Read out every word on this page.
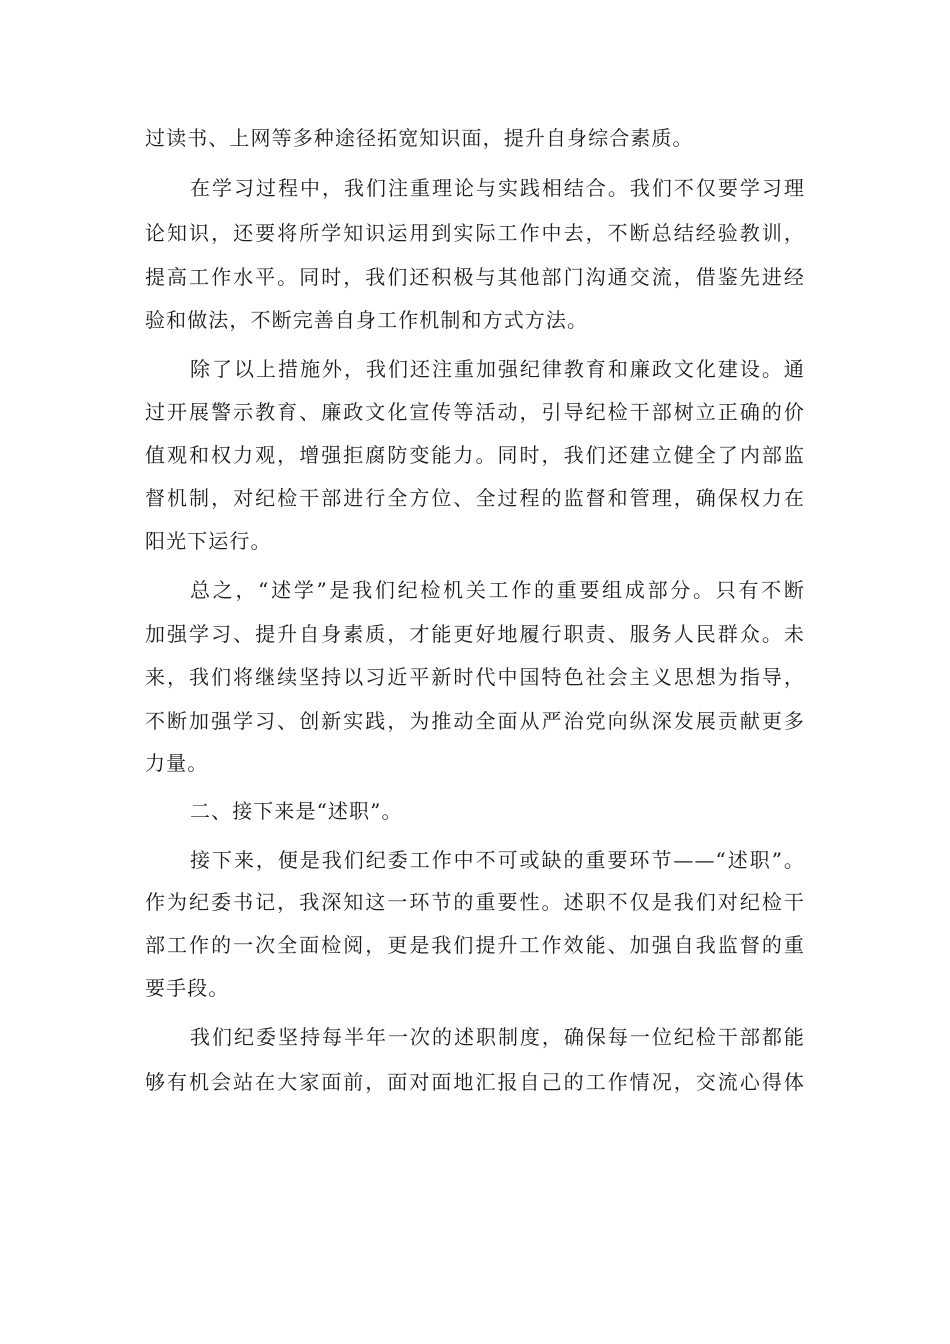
过读书、上网等多种途径拓宽知识面，提升自身综合素质。
在学习过程中，我们注重理论与实践相结合。我们不仅要学习理
论知识，还要将所学知识运用到实际工作中去，不断总结经验教训，
提高工作水平。同时，我们还积极与其他部门沟通交流，借鉴先进经
验和做法，不断完善自身工作机制和方式方法。
除了以上措施外，我们还注重加强纪律教育和廉政文化建设。通
过开展警示教育、廉政文化宣传等活动，引导纪检干部树立正确的价
值观和权力观，增强拒腐防变能力。同时，我们还建立健全了内部监
督机制，对纪检干部进行全方位、全过程的监督和管理，确保权力在
阳光下运行。
总之，“述学”是我们纪检机关工作的重要组成部分。只有不断
加强学习、提升自身素质，才能更好地履行职责、服务人民群众。未
来，我们将继续坚持以习近平新时代中国特色社会主义思想为指导，
不断加强学习、创新实践，为推动全面从严治党向纵深发展贡献更多
力量。
二、接下来是“述职”。
接下来，便是我们纪委工作中不可或缺的重要环节——“述职”。
作为纪委书记，我深知这一环节的重要性。述职不仅是我们对纪检干
部工作的一次全面检阅，更是我们提升工作效能、加强自我监督的重
要手段。
我们纪委坚持每半年一次的述职制度，确保每一位纪检干部都能
够有机会站在大家面前，面对面地汇报自己的工作情况，交流心得体
